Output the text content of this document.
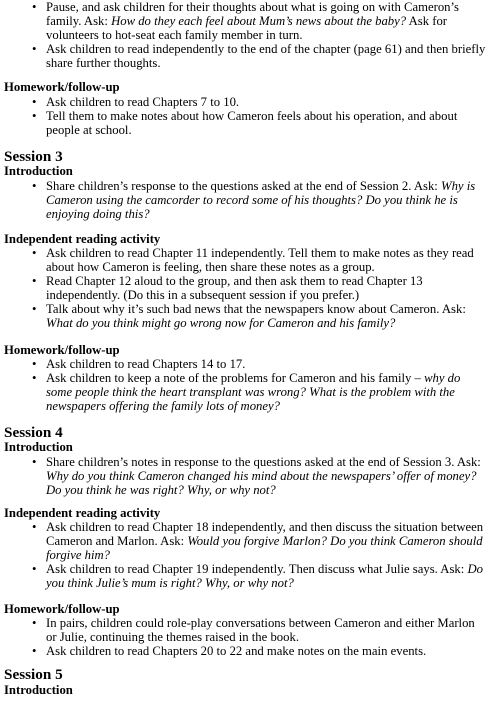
• Pause, and ask children for their thoughts about what is going on with Cameron’s family. Ask: How do they each feel about Mum’s news about the baby? Ask for volunteers to hot-seat each family member in turn.
• Ask children to read independently to the end of the chapter (page 61) and then briefly share further thoughts.
Homework/follow-up
• Ask children to read Chapters 7 to 10.
• Tell them to make notes about how Cameron feels about his operation, and about people at school.
Session 3
Introduction
• Share children’s response to the questions asked at the end of Session 2. Ask: Why is Cameron using the camcorder to record some of his thoughts? Do you think he is enjoying doing this?
Independent reading activity
• Ask children to read Chapter 11 independently. Tell them to make notes as they read about how Cameron is feeling, then share these notes as a group.
• Read Chapter 12 aloud to the group, and then ask them to read Chapter 13 independently. (Do this in a subsequent session if you prefer.)
• Talk about why it’s such bad news that the newspapers know about Cameron. Ask: What do you think might go wrong now for Cameron and his family?
Homework/follow-up
• Ask children to read Chapters 14 to 17.
• Ask children to keep a note of the problems for Cameron and his family – why do some people think the heart transplant was wrong? What is the problem with the newspapers offering the family lots of money?
Session 4
Introduction
• Share children’s notes in response to the questions asked at the end of Session 3. Ask: Why do you think Cameron changed his mind about the newspapers’ offer of money? Do you think he was right? Why, or why not?
Independent reading activity
• Ask children to read Chapter 18 independently, and then discuss the situation between Cameron and Marlon. Ask: Would you forgive Marlon? Do you think Cameron should forgive him?
• Ask children to read Chapter 19 independently. Then discuss what Julie says. Ask: Do you think Julie’s mum is right? Why, or why not?
Homework/follow-up
• In pairs, children could role-play conversations between Cameron and either Marlon or Julie, continuing the themes raised in the book.
• Ask children to read Chapters 20 to 22 and make notes on the main events.
Session 5
Introduction
